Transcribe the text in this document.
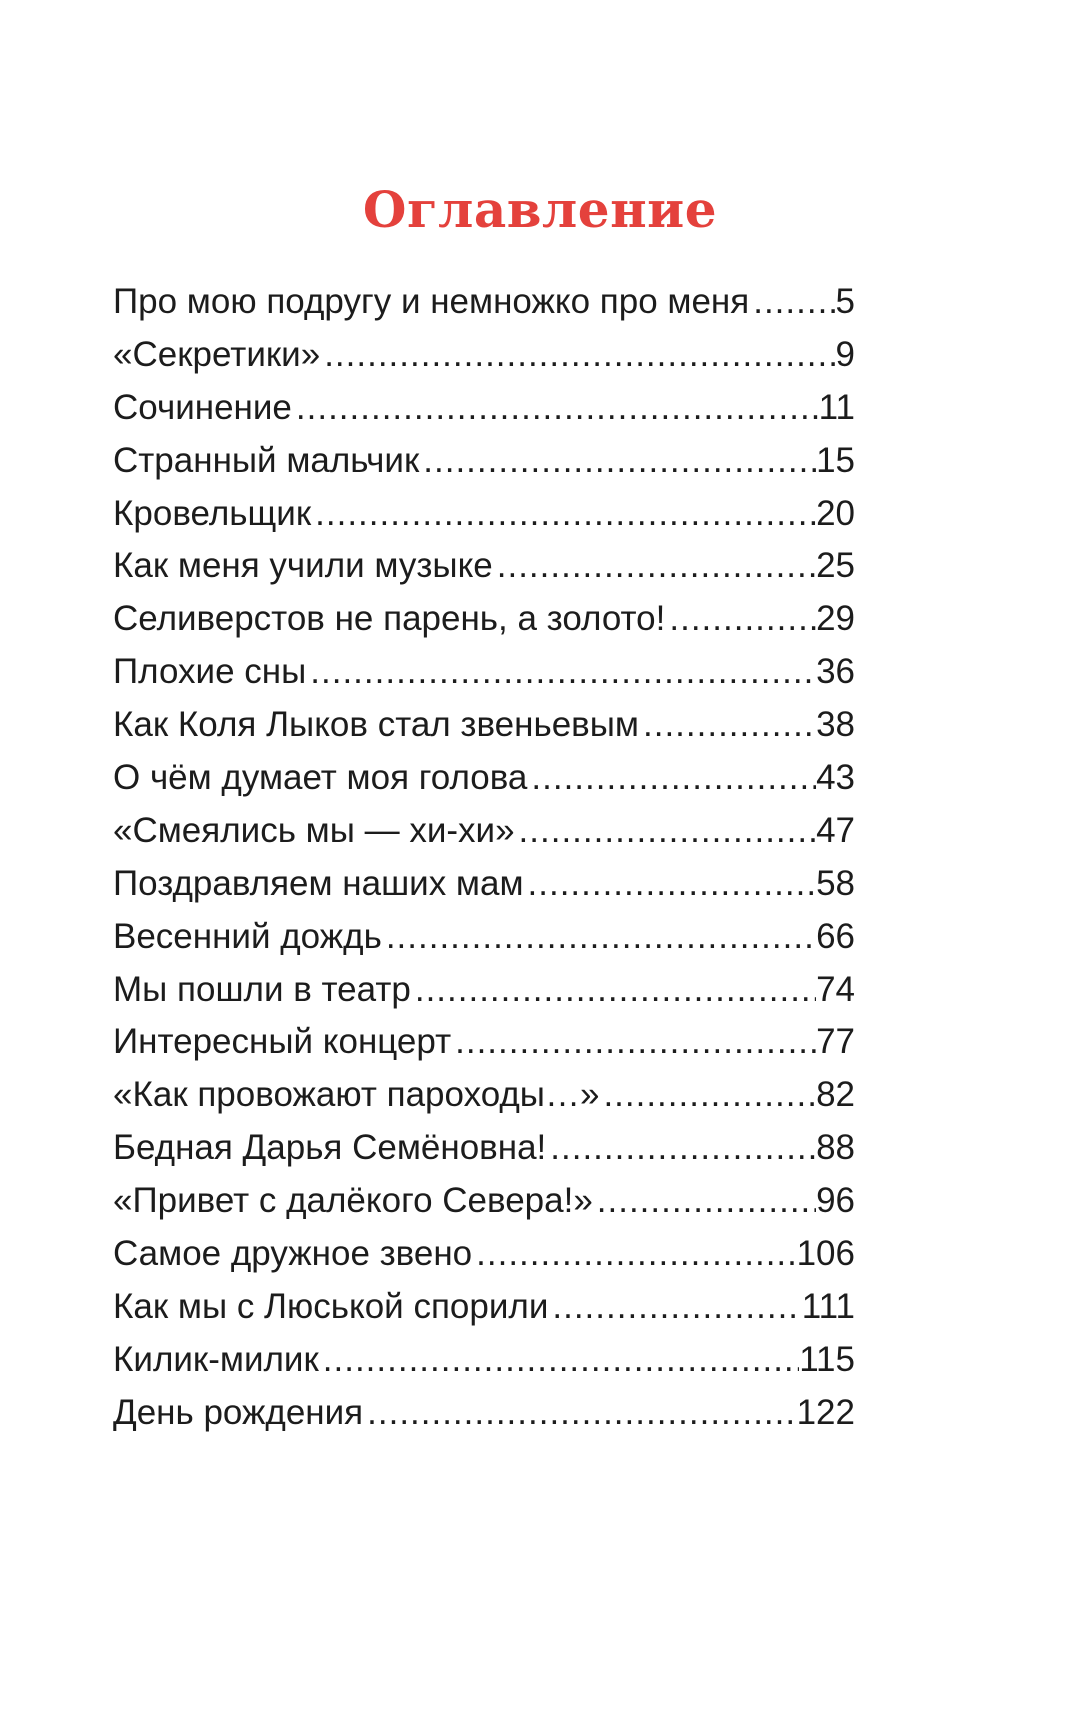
Оглавление
Про мою подругу и немножко про меня ..... 5
«Секретики» .....	9
Сочинение .....	11
Странный мальчик .....	15
Кровельщик .....	20
Как меня учили музыке .....	25
Селиверстов не парень, а золото! .....	29
Плохие сны .....	36
Как Коля Лыков стал звеньевым .....	38
О чём думает моя голова .....	43
«Смеялись мы — хи-хи» .....	47
Поздравляем наших мам .....	58
Весенний дождь .....	66
Мы пошли в театр .....	74
Интересный концерт .....	77
«Как провожают пароходы…» .....	82
Бедная Дарья Семёновна! .....	88
«Привет с далёкого Севера!» .....	96
Самое дружное звено .....	106
Как мы с Люськой спорили .....	111
Килик-милик .....	115
День рождения .....	122
